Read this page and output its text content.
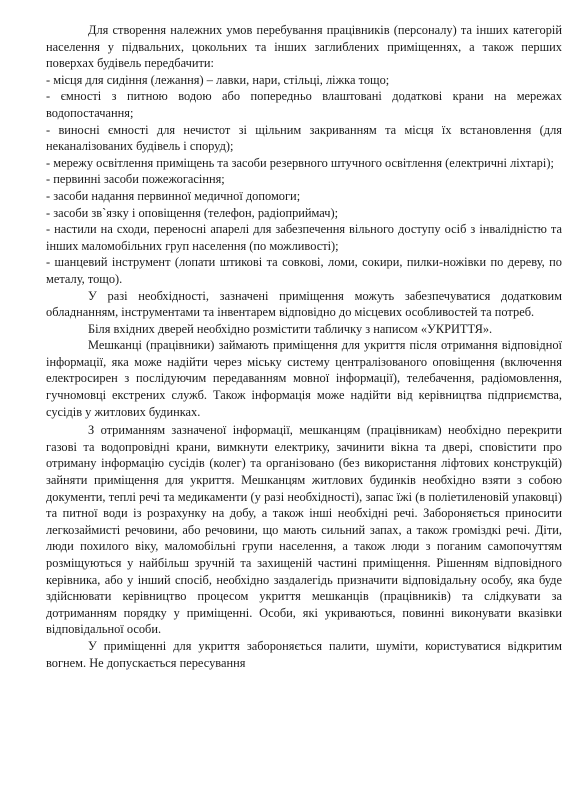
Для створення належних умов перебування працівників (персоналу) та інших категорій населення у підвальних, цокольних та інших заглиблених приміщеннях, а також перших поверхах будівель передбачити:

- місця для сидіння (лежання) – лавки, нари, стільці, ліжка тощо;

- ємності з питною водою або попередньо влаштовані додаткові крани на мережах водопостачання;

- виносні ємності для нечистот зі щільним закриванням та місця їх встановлення (для неканалізованих будівель і споруд);

- мережу освітлення приміщень та засоби резервного штучного освітлення (електричні ліхтарі);

- первинні засоби пожежогасіння;

- засоби надання первинної медичної допомоги;

- засоби зв`язку і оповіщення (телефон, радіоприймач);

- настили на сходи, переносні апарелі для забезпечення вільного доступу осіб з інвалідністю та інших маломобільних груп населення (по можливості);

- шанцевий інструмент (лопати штикові та совкові, ломи, сокири, пилки-ножівки по дереву, по металу, тощо).

У разі необхідності, зазначені приміщення можуть забезпечуватися додатковим обладнанням, інструментами та інвентарем відповідно до місцевих особливостей та потреб.

Біля вхідних дверей необхідно розмістити табличку з написом «УКРИТТЯ».

Мешканці (працівники) займають приміщення для укриття після отримання відповідної інформації, яка може надійти через міську систему централізованого оповіщення (включення електросирен з послідуючим передаванням мовної інформації), телебачення, радіомовлення, гучномовці екстрених служб. Також інформація може надійти від керівництва підприємства, сусідів у житлових будинках.

З отриманням зазначеної інформації, мешканцям (працівникам) необхідно перекрити газові та водопровідні крани, вимкнути електрику, зачинити вікна та двері, сповістити про отриману інформацію сусідів (колег) та організовано (без використання ліфтових конструкцій) зайняти приміщення для укриття. Мешканцям житлових будинків необхідно взяти з собою документи, теплі речі та медикаменти (у разі необхідності), запас їжі (в поліетиленовій упаковці) та питної води із розрахунку на добу, а також інші необхідні речі. Забороняється приносити легкозаймисті речовини, або речовини, що мають сильний запах, а також громіздкі речі. Діти, люди похилого віку, маломобільні групи населення, а також люди з поганим самопочуттям розміщуються у найбільш зручній та захищеній частині приміщення. Рішенням відповідного керівника, або у інший спосіб, необхідно заздалегідь призначити відповідальну особу, яка буде здійснювати керівництво процесом укриття мешканців (працівників) та слідкувати за дотриманням порядку у приміщенні. Особи, які укриваються, повинні виконувати вказівки відповідальної особи.

У приміщенні для укриття забороняється палити, шуміти, користуватися відкритим вогнем. Не допускається пересування
